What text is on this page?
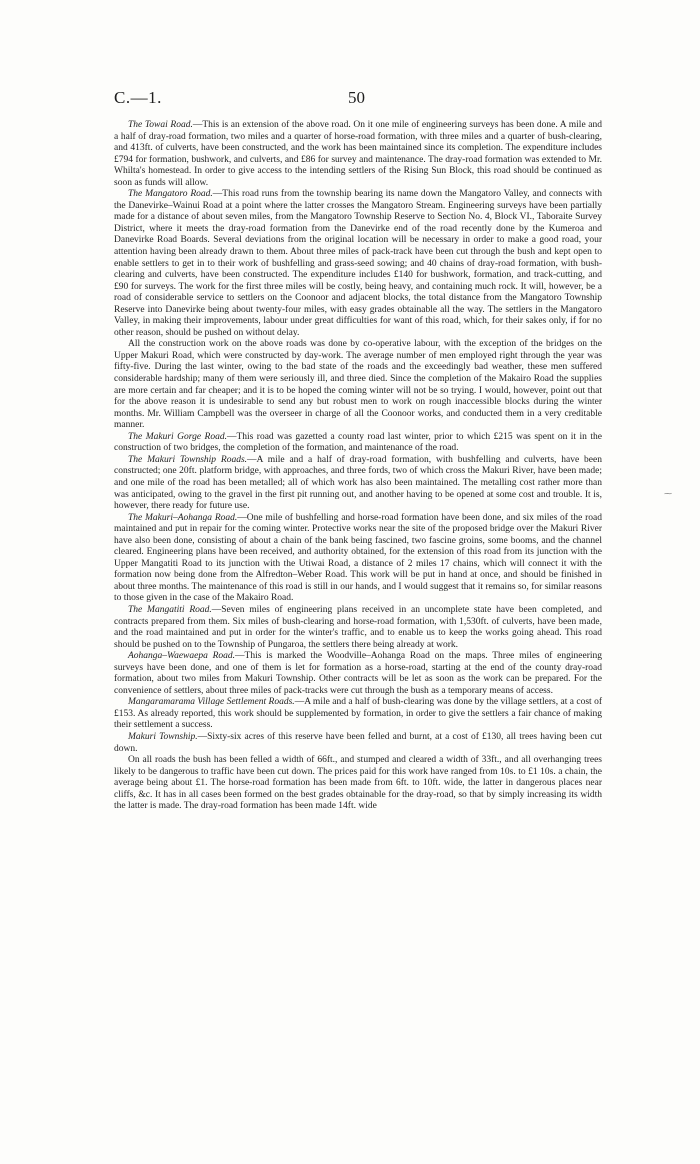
C.—1.	50

The Towai Road.—This is an extension of the above road. On it one mile of engineering surveys has been done. A mile and a half of dray-road formation, two miles and a quarter of horse-road formation, with three miles and a quarter of bush-clearing, and 413ft. of culverts, have been constructed, and the work has been maintained since its completion. The expenditure includes £794 for formation, bushwork, and culverts, and £86 for survey and maintenance. The dray-road formation was extended to Mr. Whilta's homestead. In order to give access to the intending settlers of the Rising Sun Block, this road should be continued as soon as funds will allow.

The Mangatoro Road.—This road runs from the township bearing its name down the Mangatoro Valley, and connects with the Danevirke–Wainui Road at a point where the latter crosses the Mangatoro Stream. Engineering surveys have been partially made for a distance of about seven miles, from the Mangatoro Township Reserve to Section No. 4, Block VI., Taboraite Survey District, where it meets the dray-road formation from the Danevirke end of the road recently done by the Kumeroa and Danevirke Road Boards. Several deviations from the original location will be necessary in order to make a good road, your attention having been already drawn to them. About three miles of pack-track have been cut through the bush and kept open to enable settlers to get in to their work of bushfelling and grass-seed sowing; and 40 chains of dray-road formation, with bush-clearing and culverts, have been constructed. The expenditure includes £140 for bushwork, formation, and track-cutting, and £90 for surveys. The work for the first three miles will be costly, being heavy, and containing much rock. It will, however, be a road of considerable service to settlers on the Coonoor and adjacent blocks, the total distance from the Mangatoro Township Reserve into Danevirke being about twenty-four miles, with easy grades obtainable all the way. The settlers in the Mangatoro Valley, in making their improvements, labour under great difficulties for want of this road, which, for their sakes only, if for no other reason, should be pushed on without delay.

All the construction work on the above roads was done by co-operative labour, with the exception of the bridges on the Upper Makuri Road, which were constructed by day-work. The average number of men employed right through the year was fifty-five. During the last winter, owing to the bad state of the roads and the exceedingly bad weather, these men suffered considerable hardship; many of them were seriously ill, and three died. Since the completion of the Makairo Road the supplies are more certain and far cheaper; and it is to be hoped the coming winter will not be so trying. I would, however, point out that for the above reason it is undesirable to send any but robust men to work on rough inaccessible blocks during the winter months. Mr. William Campbell was the overseer in charge of all the Coonoor works, and conducted them in a very creditable manner.

The Makuri Gorge Road.—This road was gazetted a county road last winter, prior to which £215 was spent on it in the construction of two bridges, the completion of the formation, and maintenance of the road.

The Makuri Township Roads.—A mile and a half of dray-road formation, with bushfelling and culverts, have been constructed; one 20ft. platform bridge, with approaches, and three fords, two of which cross the Makuri River, have been made; and one mile of the road has been metalled; all of which work has also been maintained. The metalling cost rather more than was anticipated, owing to the gravel in the first pit running out, and another having to be opened at some cost and trouble. It is, however, there ready for future use.

The Makuri–Aohanga Road.—One mile of bushfelling and horse-road formation have been done, and six miles of the road maintained and put in repair for the coming winter. Protective works near the site of the proposed bridge over the Makuri River have also been done, consisting of about a chain of the bank being fascined, two fascine groins, some booms, and the channel cleared. Engineering plans have been received, and authority obtained, for the extension of this road from its junction with the Upper Mangatiti Road to its junction with the Utiwai Road, a distance of 2 miles 17 chains, which will connect it with the formation now being done from the Alfredton–Weber Road. This work will be put in hand at once, and should be finished in about three months. The maintenance of this road is still in our hands, and I would suggest that it remains so, for similar reasons to those given in the case of the Makairo Road.

The Mangatiti Road.—Seven miles of engineering plans received in an uncomplete state have been completed, and contracts prepared from them. Six miles of bush-clearing and horse-road formation, with 1,530ft. of culverts, have been made, and the road maintained and put in order for the winter's traffic, and to enable us to keep the works going ahead. This road should be pushed on to the Township of Pungaroa, the settlers there being already at work.

Aohanga–Waewaepa Road.—This is marked the Woodville–Aohanga Road on the maps. Three miles of engineering surveys have been done, and one of them is let for formation as a horse-road, starting at the end of the county dray-road formation, about two miles from Makuri Township. Other contracts will be let as soon as the work can be prepared. For the convenience of settlers, about three miles of pack-tracks were cut through the bush as a temporary means of access.

Mangaramarama Village Settlement Roads.—A mile and a half of bush-clearing was done by the village settlers, at a cost of £153. As already reported, this work should be supplemented by formation, in order to give the settlers a fair chance of making their settlement a success.

Makuri Township.—Sixty-six acres of this reserve have been felled and burnt, at a cost of £130, all trees having been cut down.

On all roads the bush has been felled a width of 66ft., and stumped and cleared a width of 33ft., and all overhanging trees likely to be dangerous to traffic have been cut down. The prices paid for this work have ranged from 10s. to £1 10s. a chain, the average being about £1. The horse-road formation has been made from 6ft. to 10ft. wide, the latter in dangerous places near cliffs, &c. It has in all cases been formed on the best grades obtainable for the dray-road, so that by simply increasing its width the latter is made. The dray-road formation has been made 14ft. wide

⁓
